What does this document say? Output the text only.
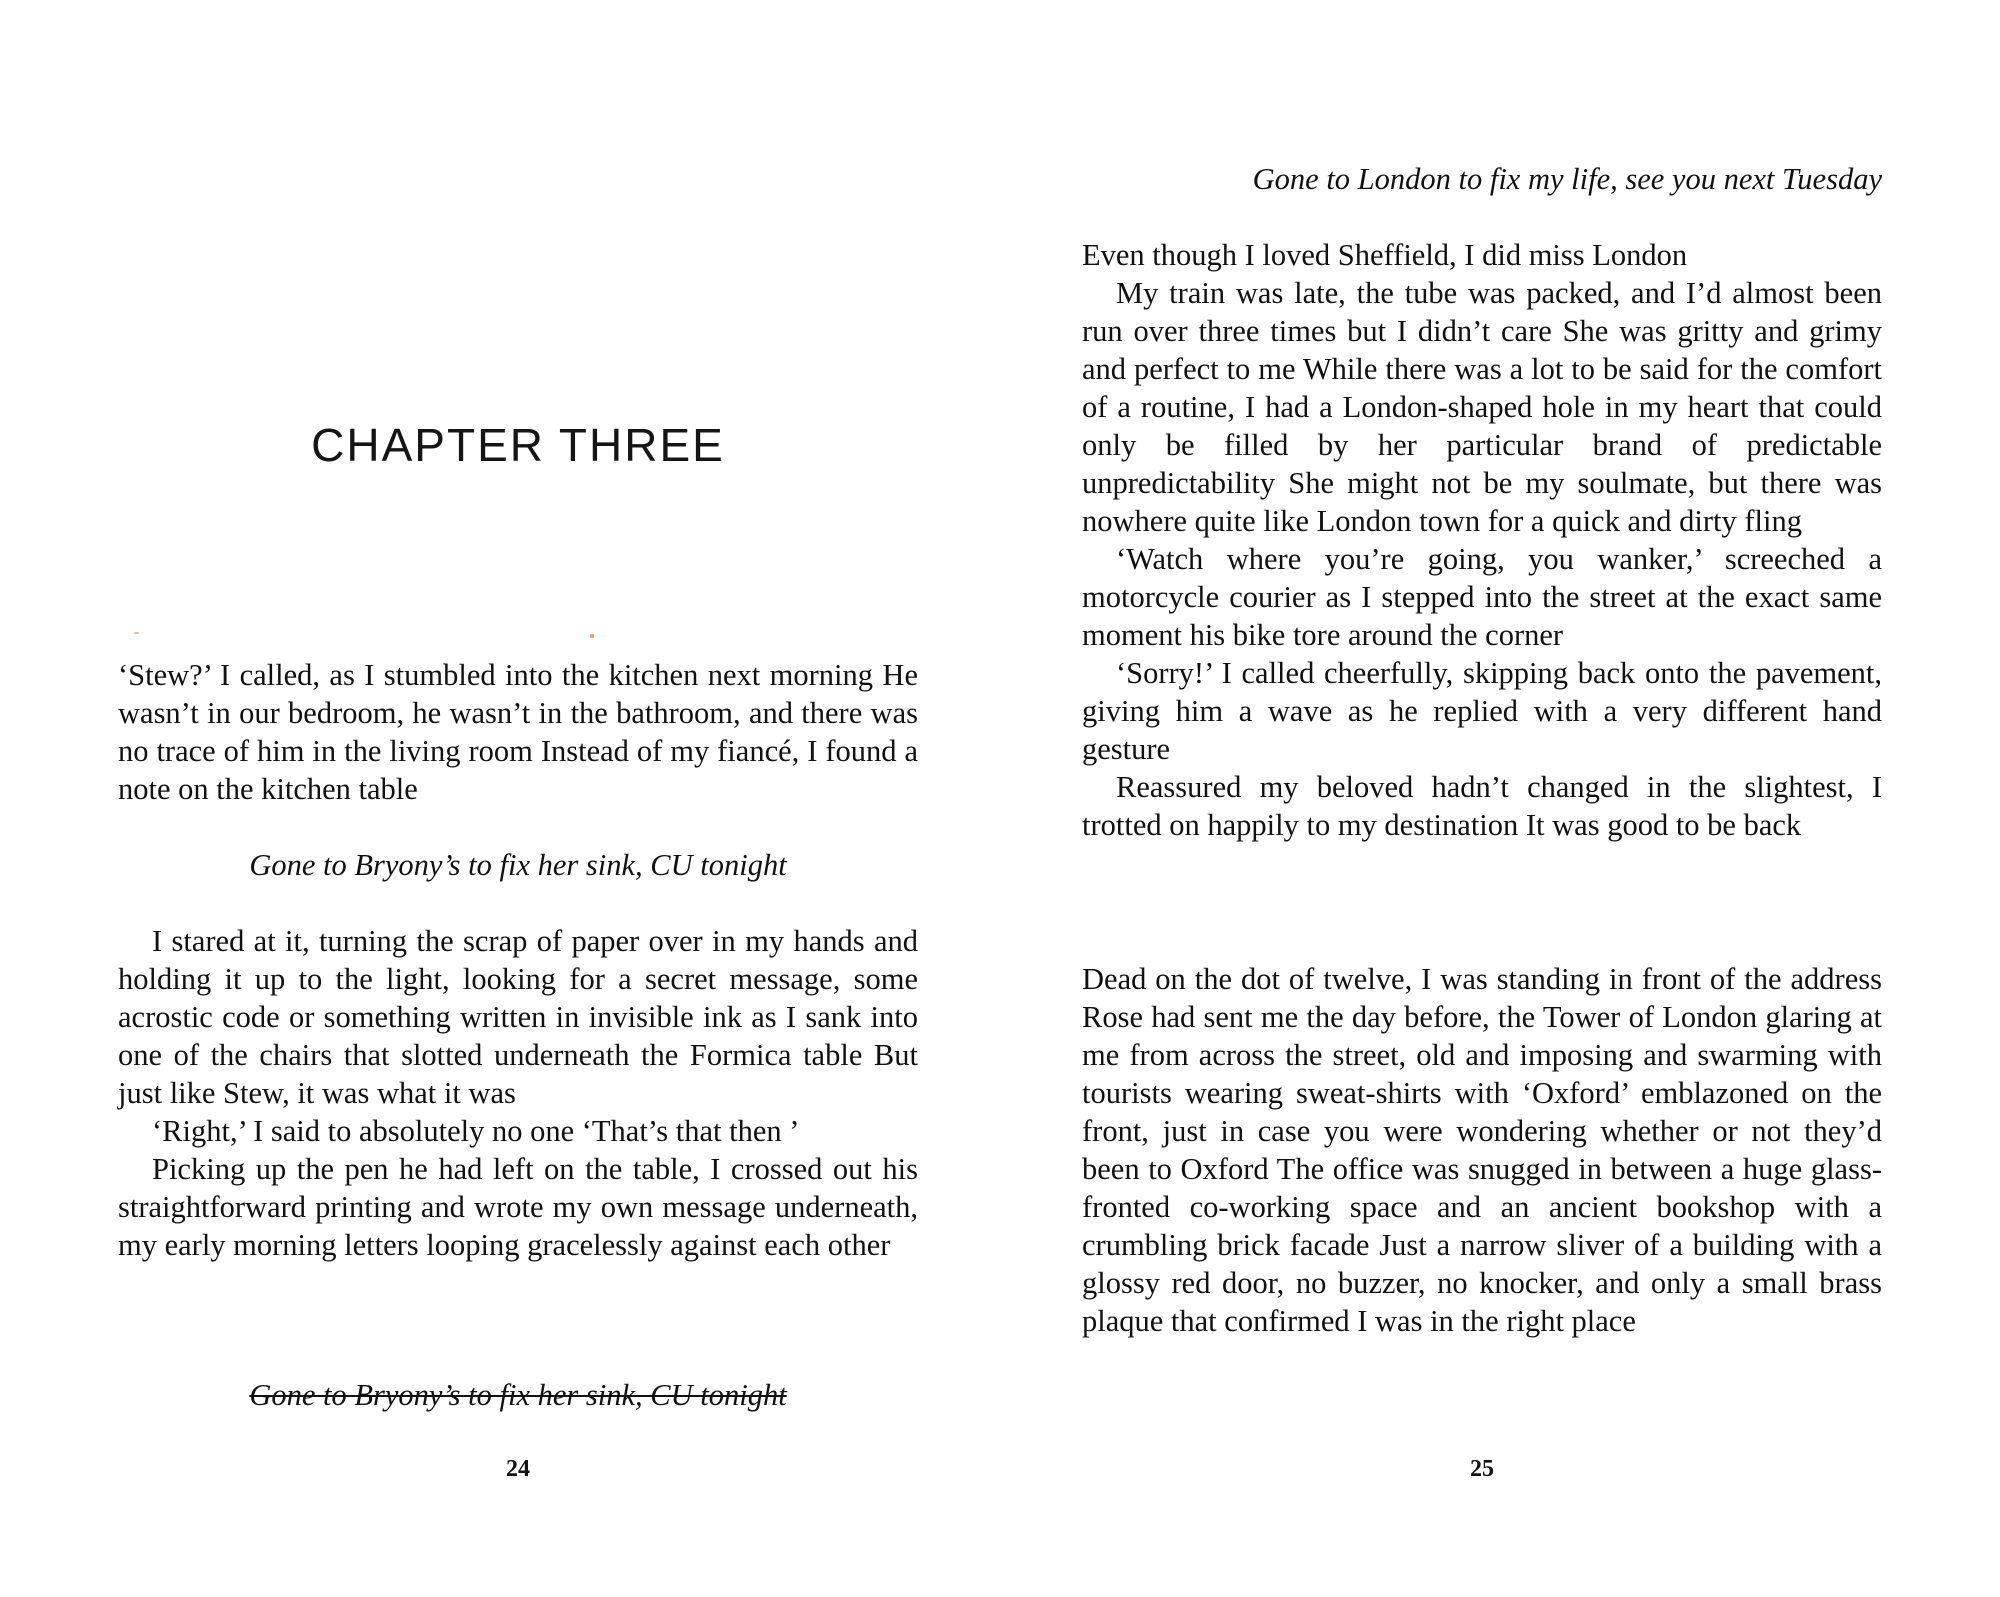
CHAPTER THREE

‘Stew?’ I called, as I stumbled into the kitchen next morning He wasn’t in our bedroom, he wasn’t in the bathroom, and there was no trace of him in the living room Instead of my fiancé, I found a note on the kitchen table

Gone to Bryony’s to fix her sink, CU tonight

I stared at it, turning the scrap of paper over in my hands and holding it up to the light, looking for a secret message, some acrostic code or something written in invisible ink as I sank into one of the chairs that slotted underneath the Formica table But just like Stew, it was what it was

‘Right,’ I said to absolutely no one ‘That’s that then ’

Picking up the pen he had left on the table, I crossed out his straightforward printing and wrote my own message underneath, my early morning letters looping gracelessly against each other

Gone to Bryony’s to fix her sink, CU tonight

24

Gone to London to fix my life, see you next Tuesday

Even though I loved Sheffield, I did miss London

My train was late, the tube was packed, and I’d almost been run over three times but I didn’t care She was gritty and grimy and perfect to me While there was a lot to be said for the comfort of a routine, I had a London-shaped hole in my heart that could only be filled by her particular brand of predictable unpredictability She might not be my soulmate, but there was nowhere quite like London town for a quick and dirty fling

‘Watch where you’re going, you wanker,’ screeched a motorcycle courier as I stepped into the street at the exact same moment his bike tore around the corner

‘Sorry!’ I called cheerfully, skipping back onto the pavement, giving him a wave as he replied with a very different hand gesture

Reassured my beloved hadn’t changed in the slightest, I trotted on happily to my destination It was good to be back

Dead on the dot of twelve, I was standing in front of the address Rose had sent me the day before, the Tower of London glaring at me from across the street, old and imposing and swarming with tourists wearing sweat-shirts with ‘Oxford’ emblazoned on the front, just in case you were wondering whether or not they’d been to Oxford The office was snugged in between a huge glass-fronted co-working space and an ancient bookshop with a crumbling brick facade Just a narrow sliver of a building with a glossy red door, no buzzer, no knocker, and only a small brass plaque that confirmed I was in the right place

25
